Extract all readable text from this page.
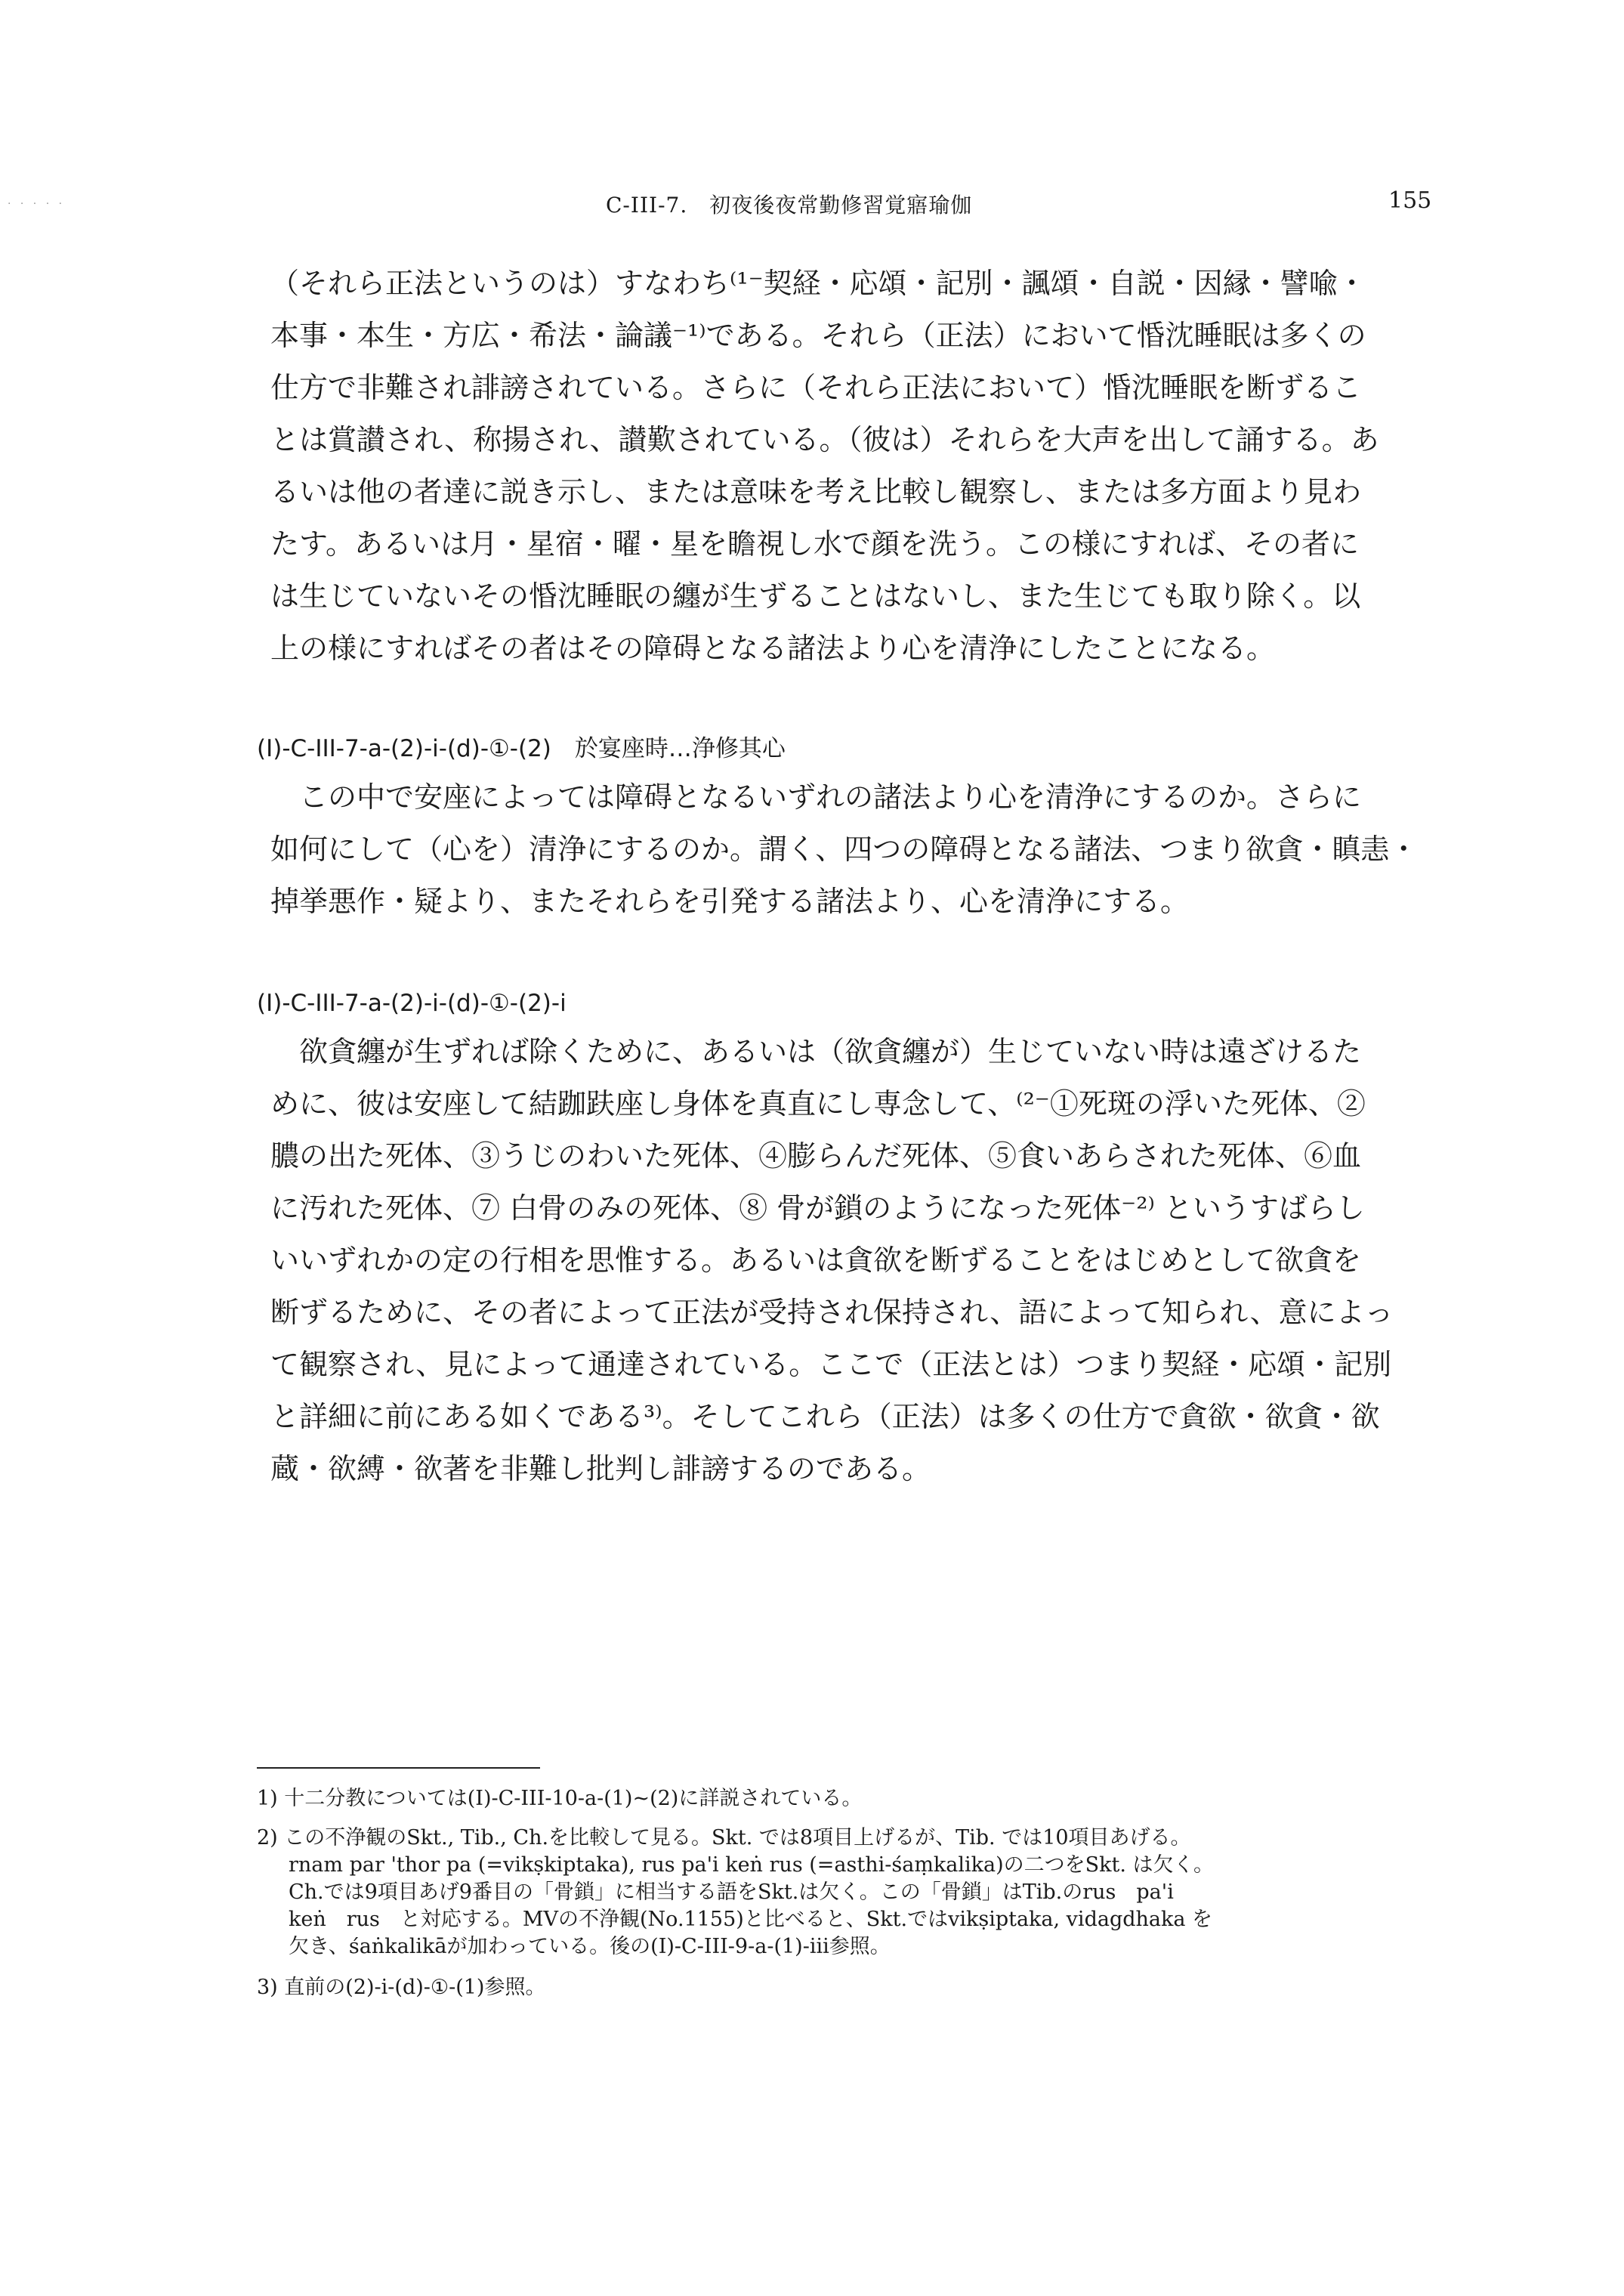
· · · · ·	C-III-7.　初夜後夜常勤修習覚寤瑜伽	155
（それら正法というのは）すなわち⁽¹⁻契経・応頌・記別・諷頌・自説・因縁・譬喩・
本事・本生・方広・希法・論議⁻¹⁾である。それら（正法）において惛沈睡眠は多くの
仕方で非難され誹謗されている。さらに（それら正法において）惛沈睡眠を断ずるこ
とは賞讃され、称揚され、讃歎されている。（彼は）それらを大声を出して誦する。あ
るいは他の者達に説き示し、または意味を考え比較し観察し、または多方面より見わ
たす。あるいは月・星宿・曜・星を瞻視し水で顔を洗う。この様にすれば、その者に
は生じていないその惛沈睡眠の纏が生ずることはないし、また生じても取り除く。以
上の様にすればその者はその障碍となる諸法より心を清浄にしたことになる。
(I)-C-III-7-a-(2)-i-(d)-①-(2)　於宴座時…浄修其心
　この中で安座によっては障碍となるいずれの諸法より心を清浄にするのか。さらに
如何にして（心を）清浄にするのか。謂く、四つの障碍となる諸法、つまり欲貪・瞋恚・
掉挙悪作・疑より、またそれらを引発する諸法より、心を清浄にする。
(I)-C-III-7-a-(2)-i-(d)-①-(2)-i
　欲貪纏が生ずれば除くために、あるいは（欲貪纏が）生じていない時は遠ざけるた
めに、彼は安座して結跏趺座し身体を真直にし専念して、⁽²⁻①死斑の浮いた死体、②
膿の出た死体、③うじのわいた死体、④膨らんだ死体、⑤食いあらされた死体、⑥血
に汚れた死体、⑦ 白骨のみの死体、⑧ 骨が鎖のようになった死体⁻²⁾ というすばらし
いいずれかの定の行相を思惟する。あるいは貪欲を断ずることをはじめとして欲貪を
断ずるために、その者によって正法が受持され保持され、語によって知られ、意によっ
て観察され、見によって通達されている。ここで（正法とは）つまり契経・応頌・記別
と詳細に前にある如くである³⁾。そしてこれら（正法）は多くの仕方で貪欲・欲貪・欲
蔵・欲縛・欲著を非難し批判し誹謗するのである。
1) 十二分教については(I)-C-III-10-a-(1)~(2)に詳説されている。
2) この不浄観のSkt., Tib., Ch.を比較して見る。Skt. では8項目上げるが、Tib. では10項目あげる。
rnam par 'thor pa (=vikṣkiptaka), rus pa'i keṅ rus (=asthi-śaṃkalika)の二つをSkt. は欠く。
Ch.では9項目あげ9番目の「骨鎖」に相当する語をSkt.は欠く。この「骨鎖」はTib.のrus　pa'i
keṅ　rus　と対応する。MVの不浄観(No.1155)と比べると、Skt.ではvikṣiptaka, vidagdhaka を
欠き、śaṅkalikāが加わっている。後の(I)-C-III-9-a-(1)-iii参照。
3) 直前の(2)-i-(d)-①-(1)参照。
